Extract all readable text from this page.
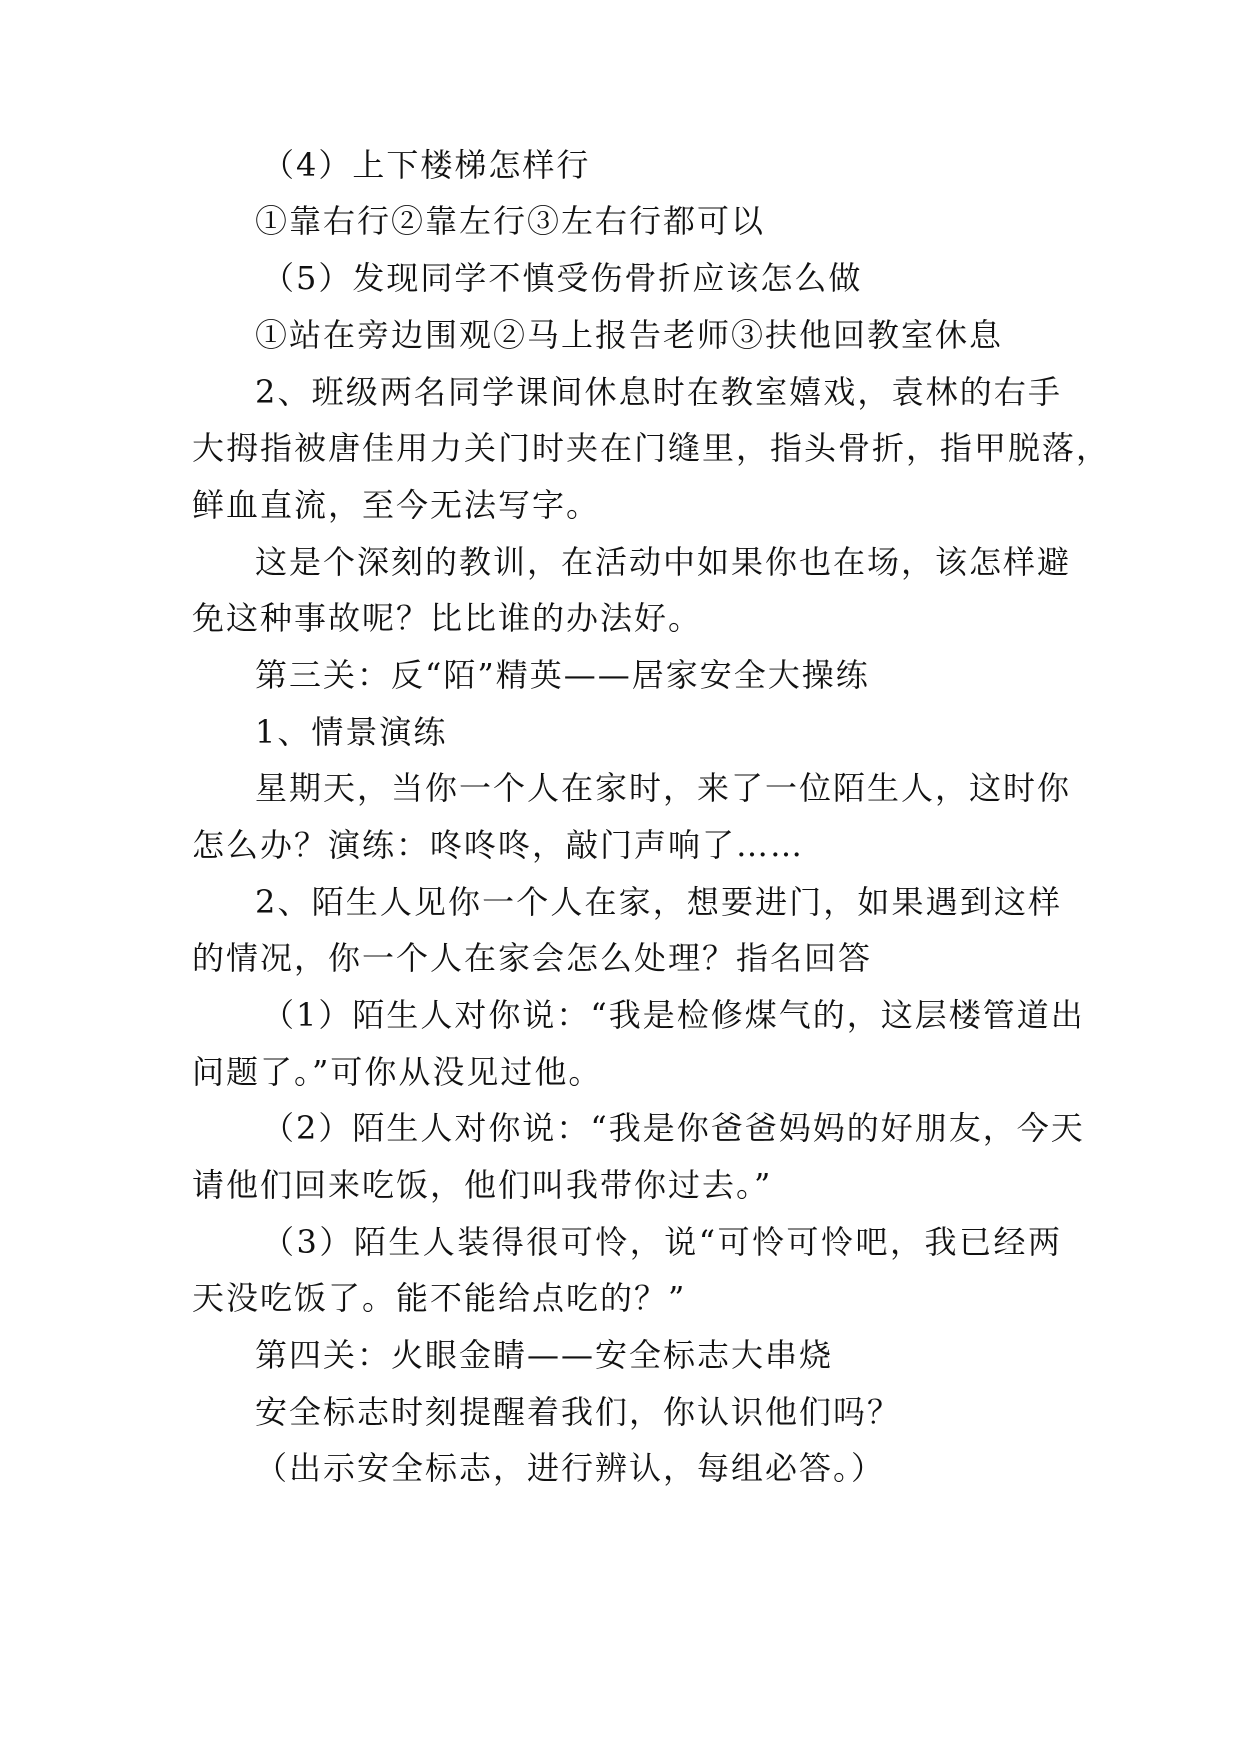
（4）上下楼梯怎样行
①靠右行②靠左行③左右行都可以
（5）发现同学不慎受伤骨折应该怎么做
①站在旁边围观②马上报告老师③扶他回教室休息
2、班级两名同学课间休息时在教室嬉戏，袁林的右手
大拇指被唐佳用力关门时夹在门缝里，指头骨折，指甲脱落，
鲜血直流，至今无法写字。
这是个深刻的教训，在活动中如果你也在场，该怎样避
免这种事故呢？比比谁的办法好。
第三关：反“陌”精英——居家安全大操练
1、情景演练
星期天，当你一个人在家时，来了一位陌生人，这时你
怎么办？演练：咚咚咚，敲门声响了……
2、陌生人见你一个人在家，想要进门，如果遇到这样
的情况，你一个人在家会怎么处理？指名回答
（1）陌生人对你说：“我是检修煤气的，这层楼管道出
问题了。”可你从没见过他。
（2）陌生人对你说：“我是你爸爸妈妈的好朋友，今天
请他们回来吃饭，他们叫我带你过去。”
（3）陌生人装得很可怜，说“可怜可怜吧，我已经两
天没吃饭了。能不能给点吃的？”
第四关：火眼金睛——安全标志大串烧
安全标志时刻提醒着我们，你认识他们吗？
（出示安全标志，进行辨认，每组必答。）
